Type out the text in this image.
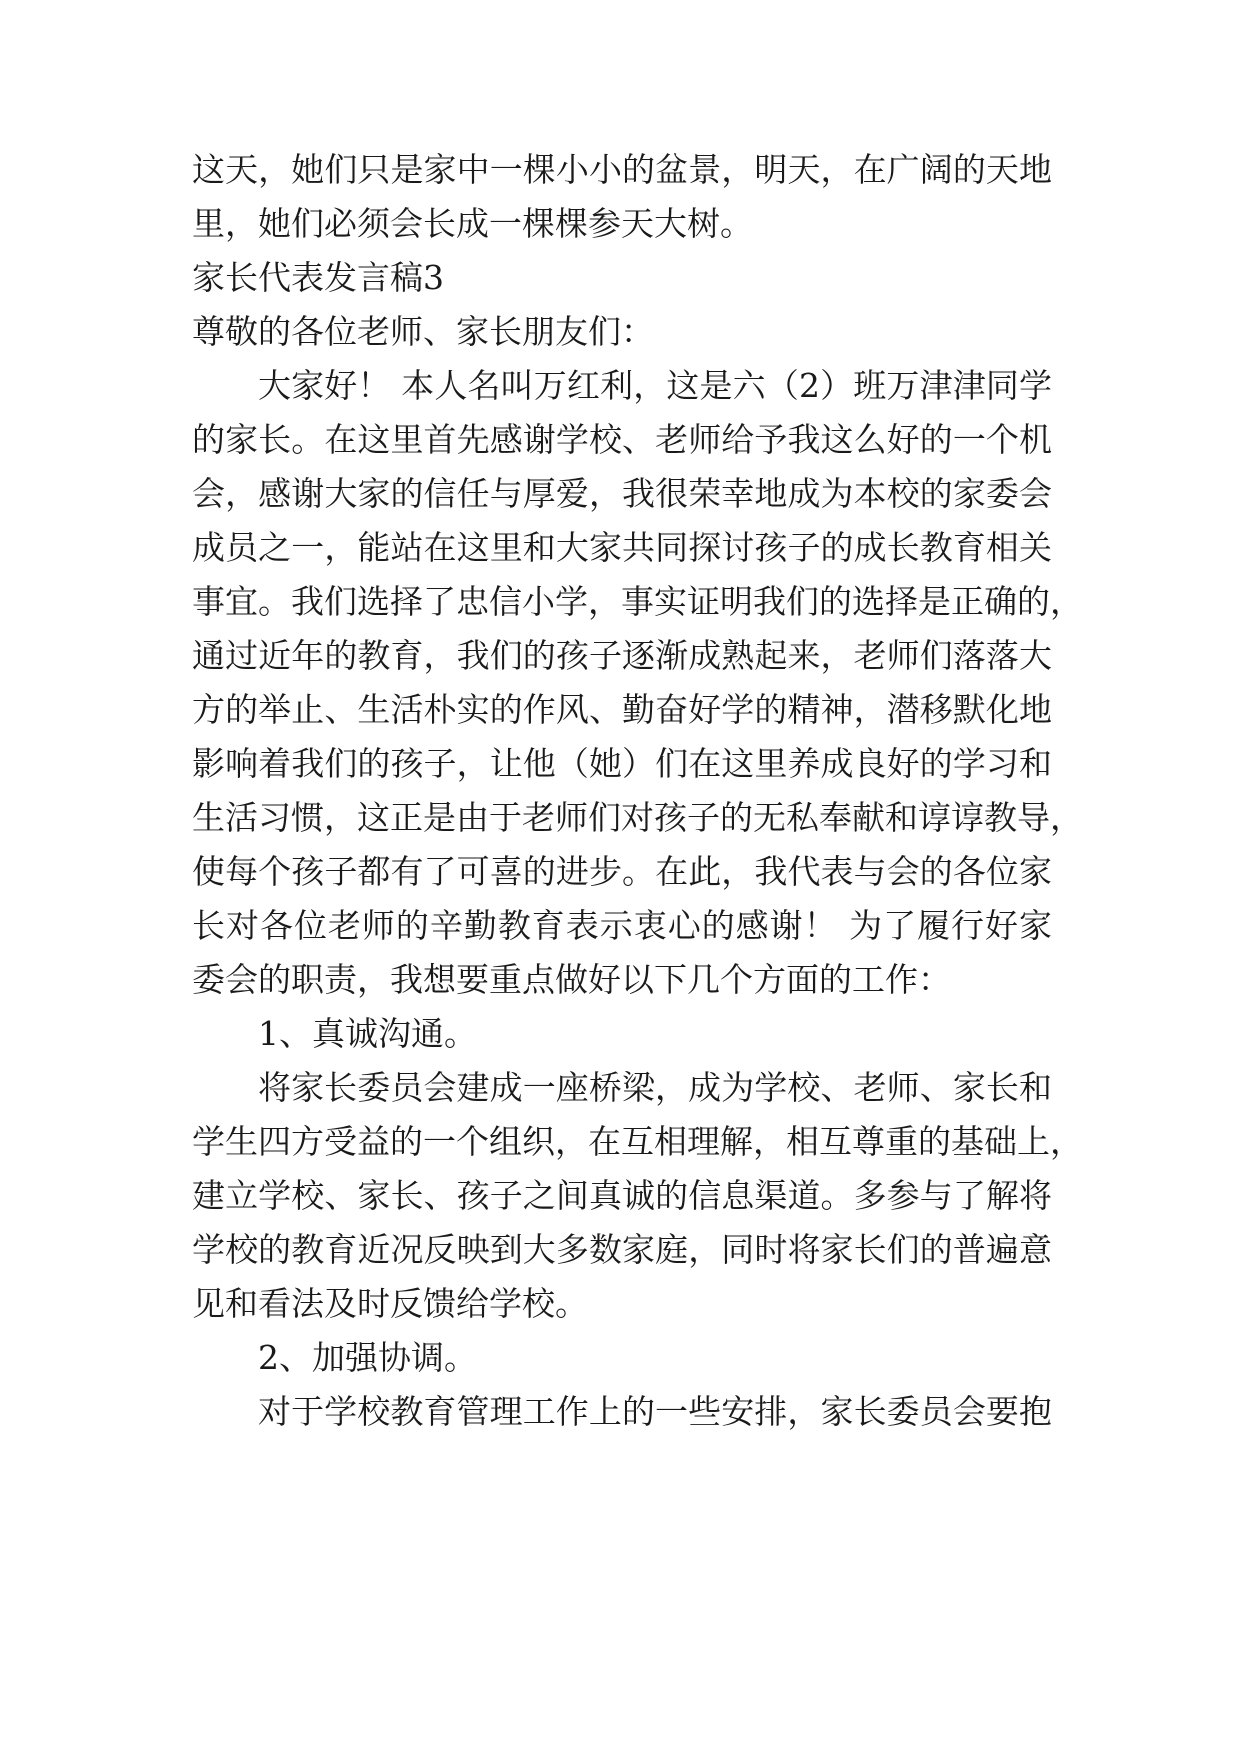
这天，她们只是家中一棵小小的盆景，明天，在广阔的天地
里，她们必须会长成一棵棵参天大树。
家长代表发言稿3
尊敬的各位老师、家长朋友们：
大家好！ 本人名叫万红利，这是六（2）班万津津同学
的家长。在这里首先感谢学校、老师给予我这么好的一个机
会，感谢大家的信任与厚爱，我很荣幸地成为本校的家委会
成员之一，能站在这里和大家共同探讨孩子的成长教育相关
事宜。我们选择了忠信小学，事实证明我们的选择是正确的，
通过近年的教育，我们的孩子逐渐成熟起来，老师们落落大
方的举止、生活朴实的作风、勤奋好学的精神，潜移默化地
影响着我们的孩子，让他（她）们在这里养成良好的学习和
生活习惯，这正是由于老师们对孩子的无私奉献和谆谆教导，
使每个孩子都有了可喜的进步。在此，我代表与会的各位家
长对各位老师的辛勤教育表示衷心的感谢！ 为了履行好家
委会的职责，我想要重点做好以下几个方面的工作：
1、真诚沟通。
将家长委员会建成一座桥梁，成为学校、老师、家长和
学生四方受益的一个组织，在互相理解，相互尊重的基础上，
建立学校、家长、孩子之间真诚的信息渠道。多参与了解将
学校的教育近况反映到大多数家庭，同时将家长们的普遍意
见和看法及时反馈给学校。
2、加强协调。
对于学校教育管理工作上的一些安排，家长委员会要抱
